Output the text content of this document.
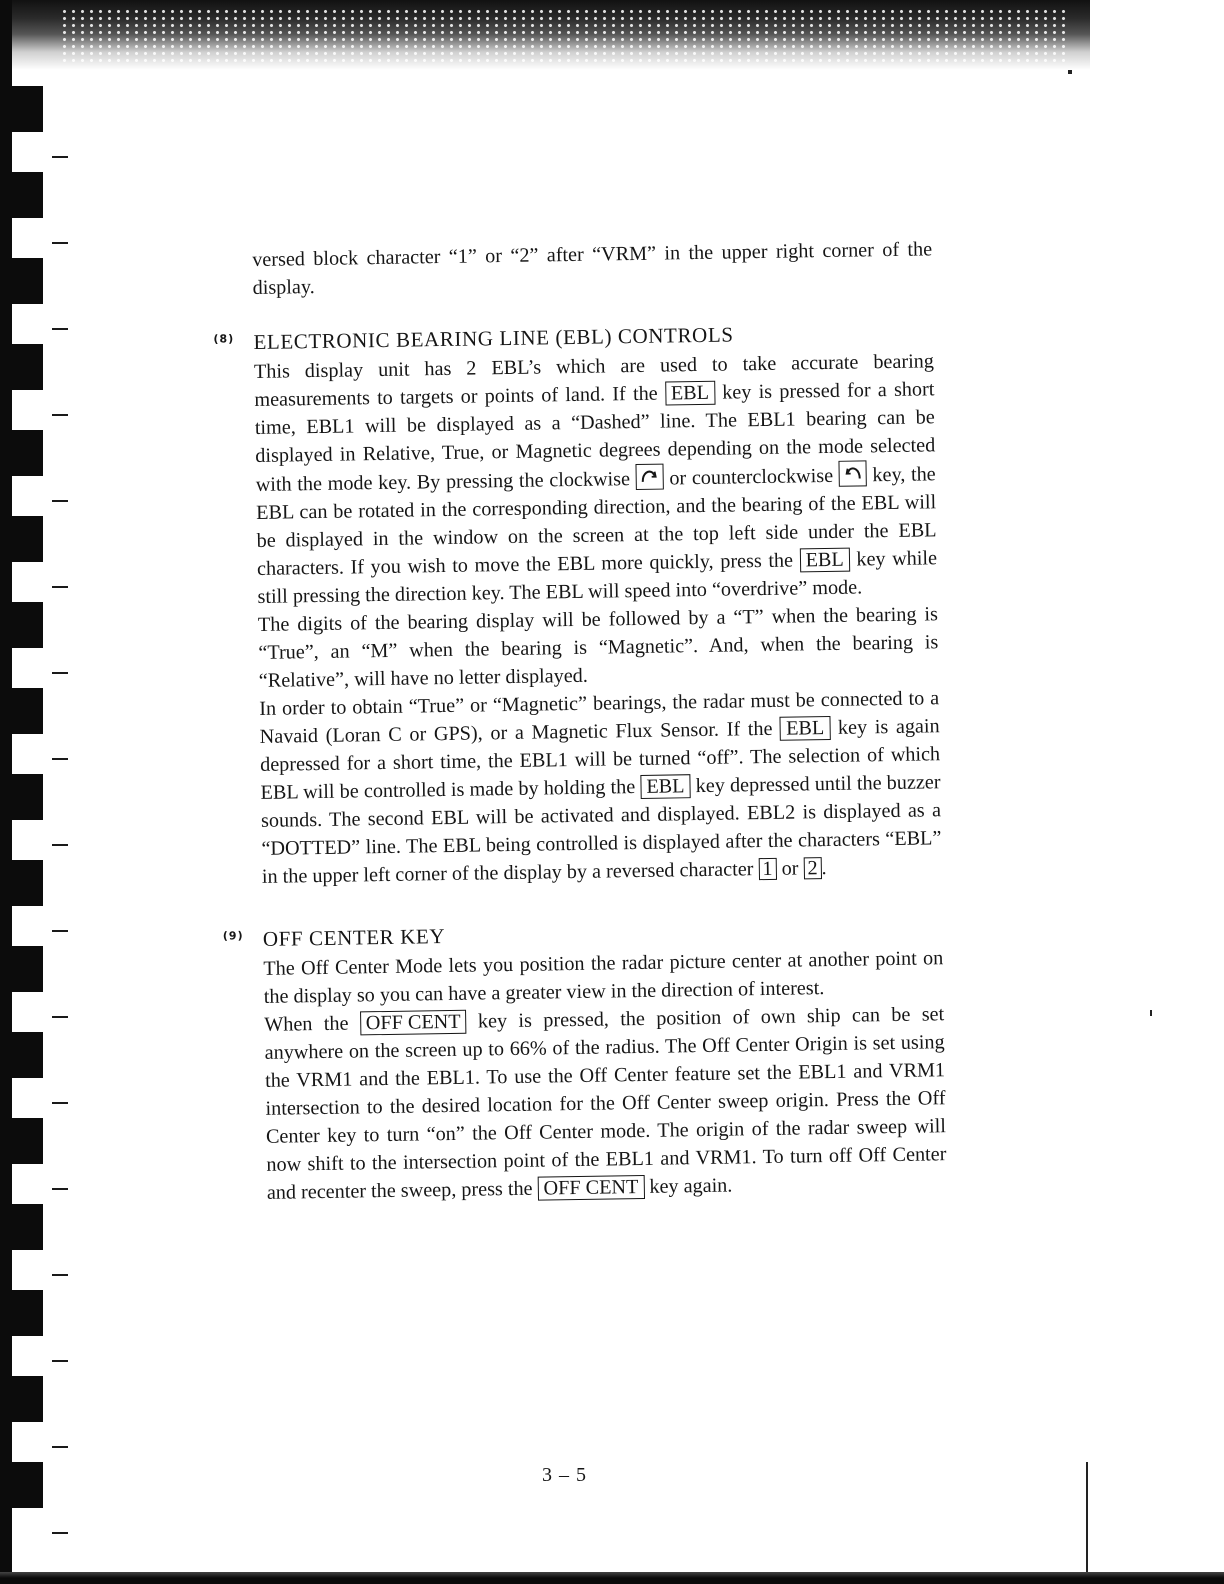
versed block character “1” or “2” after “VRM” in the upper right corner of the display.

(8) ELECTRONIC BEARING LINE (EBL) CONTROLS

This display unit has 2 EBL’s which are used to take accurate bearing measurements to targets or points of land. If the EBL key is pressed for a short time, EBL1 will be displayed as a “Dashed” line. The EBL1 bearing can be displayed in Relative, True, or Magnetic degrees depending on the mode selected with the mode key. By pressing the clockwise
or counterclockwise
key, the EBL can be rotated in the corresponding direction, and the bearing of the EBL will be displayed in the window on the screen at the top left side under the EBL characters. If you wish to move the EBL more quickly, press the EBL key while still pressing the direction key. The EBL will speed into “overdrive” mode.

The digits of the bearing display will be followed by a “T” when the bearing is “True”, an “M” when the bearing is “Magnetic”. And, when the bearing is “Relative”, will have no letter displayed.

In order to obtain “True” or “Magnetic” bearings, the radar must be connected to a Navaid (Loran C or GPS), or a Magnetic Flux Sensor. If the EBL key is again depressed for a short time, the EBL1 will be turned “off”. The selection of which EBL will be controlled is made by holding the EBL key depressed until the buzzer sounds. The second EBL will be activated and displayed. EBL2 is displayed as a “DOTTED” line. The EBL being controlled is displayed after the characters “EBL” in the upper left corner of the display by a reversed character 1 or 2 .

(9) OFF CENTER KEY

The Off Center Mode lets you position the radar picture center at another point on the display so you can have a greater view in the direction of interest.

When the OFF CENT key is pressed, the position of own ship can be set anywhere on the screen up to 66% of the radius. The Off Center Origin is set using the VRM1 and the EBL1. To use the Off Center feature set the EBL1 and VRM1 intersection to the desired location for the Off Center sweep origin. Press the Off Center key to turn “on” the Off Center mode. The origin of the radar sweep will now shift to the intersection point of the EBL1 and VRM1. To turn off Off Center and recenter the sweep, press the OFF CENT key again.

3 – 5
